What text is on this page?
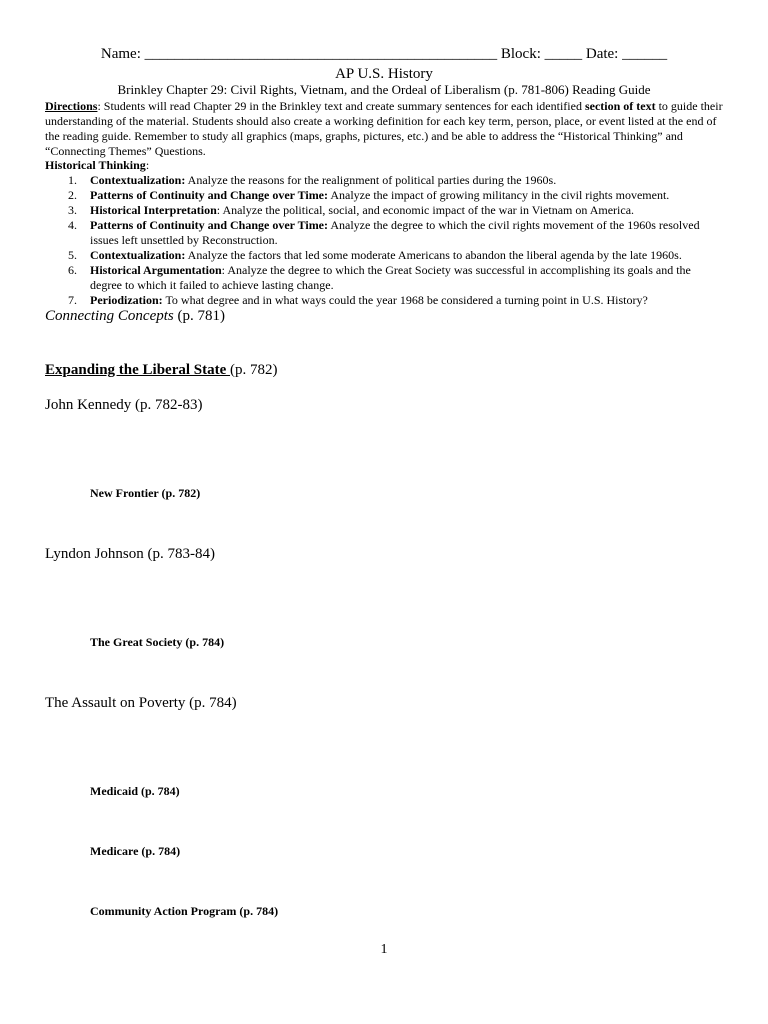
Name: _______________________________________________ Block: _____ Date: ______
AP U.S. History
Brinkley Chapter 29: Civil Rights, Vietnam, and the Ordeal of Liberalism (p. 781-806) Reading Guide
Directions: Students will read Chapter 29 in the Brinkley text and create summary sentences for each identified section of text to guide their understanding of the material. Students should also create a working definition for each key term, person, place, or event listed at the end of the reading guide. Remember to study all graphics (maps, graphs, pictures, etc.) and be able to address the “Historical Thinking” and “Connecting Themes” Questions.
Historical Thinking:
1. Contextualization: Analyze the reasons for the realignment of political parties during the 1960s.
2. Patterns of Continuity and Change over Time: Analyze the impact of growing militancy in the civil rights movement.
3. Historical Interpretation: Analyze the political, social, and economic impact of the war in Vietnam on America.
4. Patterns of Continuity and Change over Time: Analyze the degree to which the civil rights movement of the 1960s resolved issues left unsettled by Reconstruction.
5. Contextualization: Analyze the factors that led some moderate Americans to abandon the liberal agenda by the late 1960s.
6. Historical Argumentation: Analyze the degree to which the Great Society was successful in accomplishing its goals and the degree to which it failed to achieve lasting change.
7. Periodization: To what degree and in what ways could the year 1968 be considered a turning point in U.S. History?
Connecting Concepts (p. 781)
Expanding the Liberal State (p. 782)
John Kennedy (p. 782-83)
New Frontier (p. 782)
Lyndon Johnson (p. 783-84)
The Great Society (p. 784)
The Assault on Poverty (p. 784)
Medicaid (p. 784)
Medicare (p. 784)
Community Action Program (p. 784)
1
